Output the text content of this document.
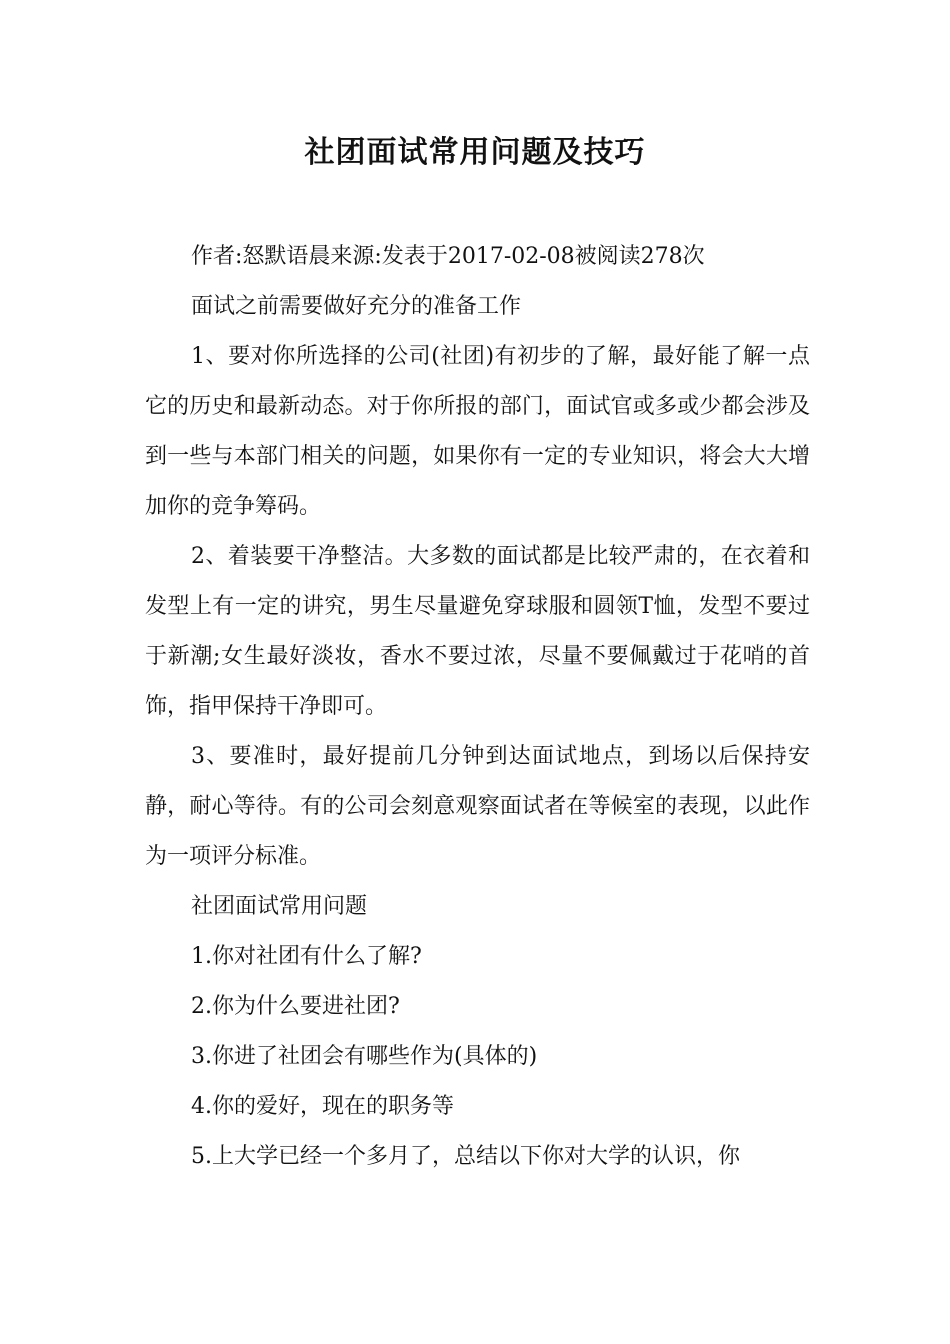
社团面试常用问题及技巧

作者:怒默语晨来源:发表于2017-02-08被阅读278次

面试之前需要做好充分的准备工作

1、要对你所选择的公司(社团)有初步的了解，最好能了解一点它的历史和最新动态。对于你所报的部门，面试官或多或少都会涉及到一些与本部门相关的问题，如果你有一定的专业知识，将会大大增加你的竞争筹码。

2、着装要干净整洁。大多数的面试都是比较严肃的，在衣着和发型上有一定的讲究，男生尽量避免穿球服和圆领T恤，发型不要过于新潮;女生最好淡妆，香水不要过浓，尽量不要佩戴过于花哨的首饰，指甲保持干净即可。

3、要准时，最好提前几分钟到达面试地点，到场以后保持安静，耐心等待。有的公司会刻意观察面试者在等候室的表现，以此作为一项评分标准。

社团面试常用问题

1.你对社团有什么了解?

2.你为什么要进社团?

3.你进了社团会有哪些作为(具体的)

4.你的爱好，现在的职务等

5.上大学已经一个多月了，总结以下你对大学的认识，你
